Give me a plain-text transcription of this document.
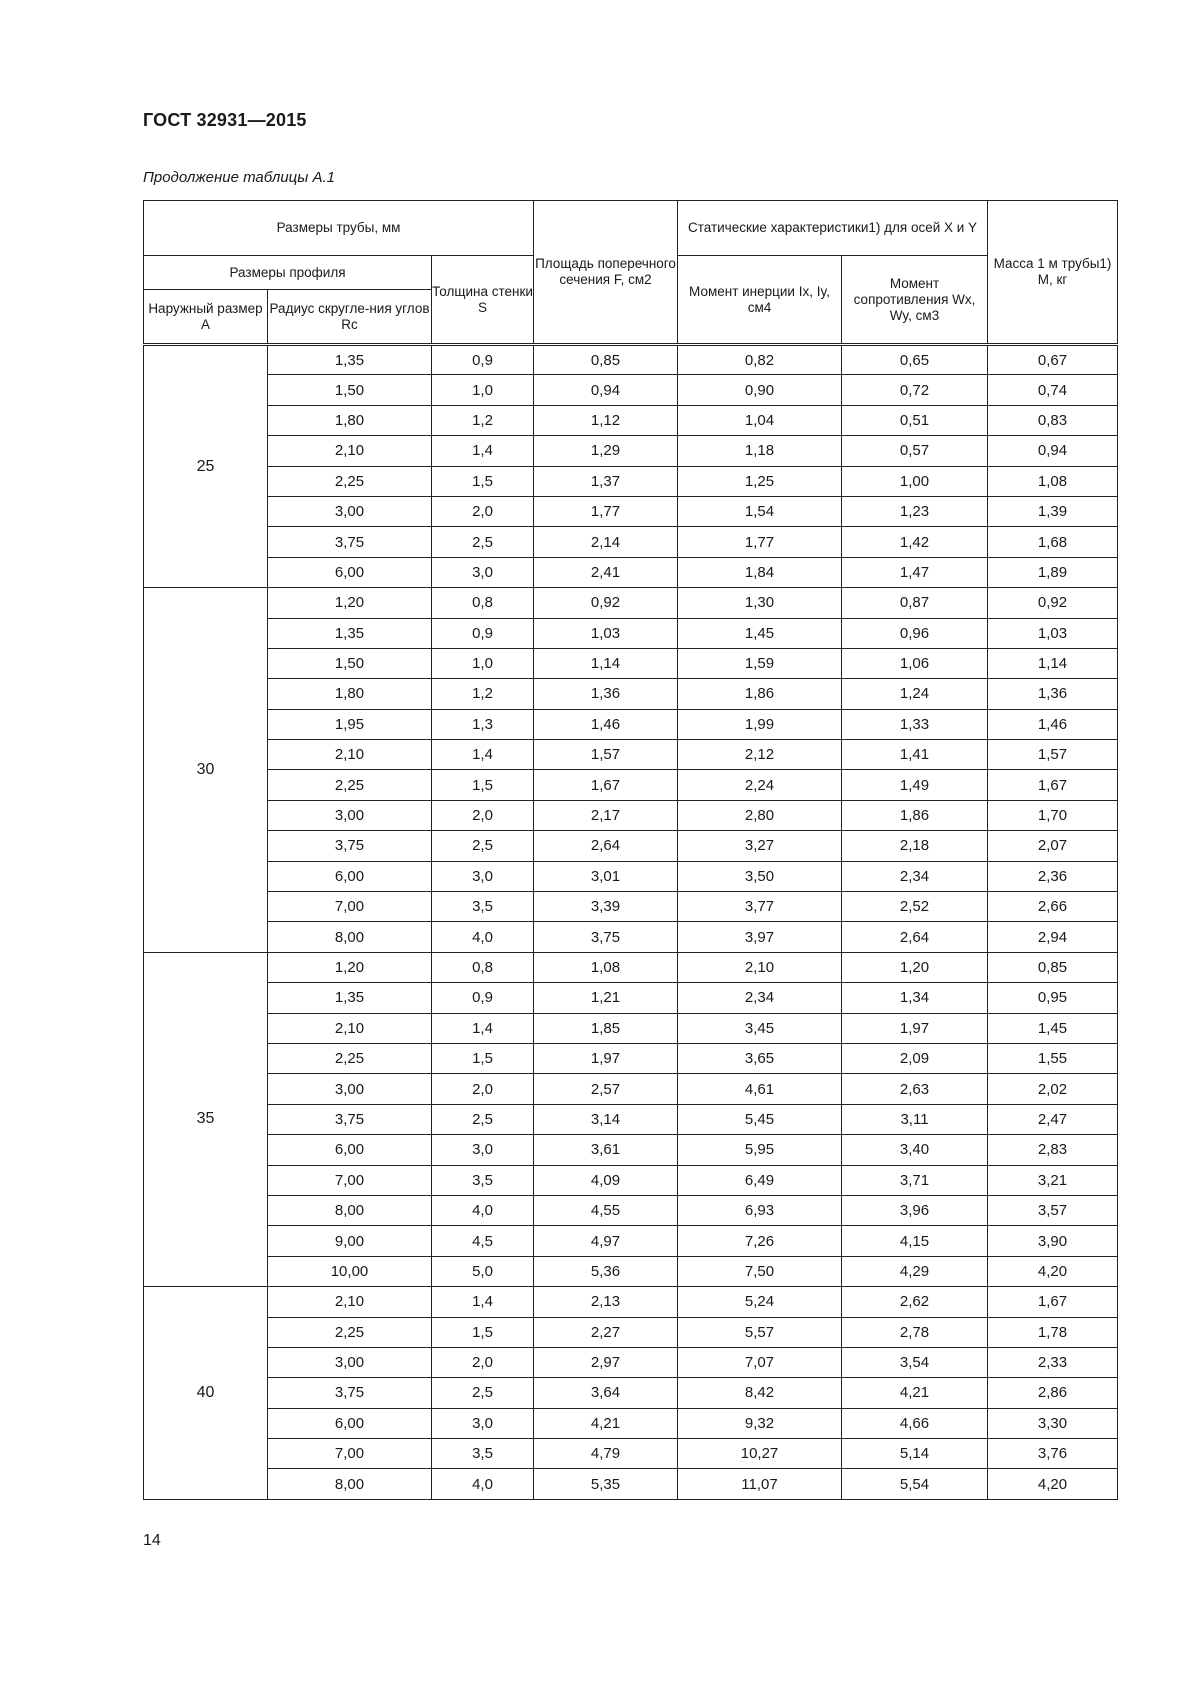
ГОСТ 32931—2015
Продолжение таблицы А.1
Размеры трубы, мм			Площадь поперечного сечения F, см2	Статические характеристики1) для осей X и Y		Масса 1 м трубы1) M, кг
Размеры профиля		Толщина стенки S		Момент инерции Ix, Iy, см4	Момент сопротивления Wx, Wy, см3	
Наружный размер A	Радиус скругле-ния углов Rc					
25	1,35	0,9	0,85	0,82	0,65	0,67
	1,50	1,0	0,94	0,90	0,72	0,74
	1,80	1,2	1,12	1,04	0,51	0,83
	2,10	1,4	1,29	1,18	0,57	0,94
	2,25	1,5	1,37	1,25	1,00	1,08
	3,00	2,0	1,77	1,54	1,23	1,39
	3,75	2,5	2,14	1,77	1,42	1,68
	6,00	3,0	2,41	1,84	1,47	1,89
30	1,20	0,8	0,92	1,30	0,87	0,92
	1,35	0,9	1,03	1,45	0,96	1,03
	1,50	1,0	1,14	1,59	1,06	1,14
	1,80	1,2	1,36	1,86	1,24	1,36
	1,95	1,3	1,46	1,99	1,33	1,46
	2,10	1,4	1,57	2,12	1,41	1,57
	2,25	1,5	1,67	2,24	1,49	1,67
	3,00	2,0	2,17	2,80	1,86	1,70
	3,75	2,5	2,64	3,27	2,18	2,07
	6,00	3,0	3,01	3,50	2,34	2,36
	7,00	3,5	3,39	3,77	2,52	2,66
	8,00	4,0	3,75	3,97	2,64	2,94
35	1,20	0,8	1,08	2,10	1,20	0,85
	1,35	0,9	1,21	2,34	1,34	0,95
	2,10	1,4	1,85	3,45	1,97	1,45
	2,25	1,5	1,97	3,65	2,09	1,55
	3,00	2,0	2,57	4,61	2,63	2,02
	3,75	2,5	3,14	5,45	3,11	2,47
	6,00	3,0	3,61	5,95	3,40	2,83
	7,00	3,5	4,09	6,49	3,71	3,21
	8,00	4,0	4,55	6,93	3,96	3,57
	9,00	4,5	4,97	7,26	4,15	3,90
	10,00	5,0	5,36	7,50	4,29	4,20
40	2,10	1,4	2,13	5,24	2,62	1,67
	2,25	1,5	2,27	5,57	2,78	1,78
	3,00	2,0	2,97	7,07	3,54	2,33
	3,75	2,5	3,64	8,42	4,21	2,86
	6,00	3,0	4,21	9,32	4,66	3,30
	7,00	3,5	4,79	10,27	5,14	3,76
	8,00	4,0	5,35	11,07	5,54	4,20
14
